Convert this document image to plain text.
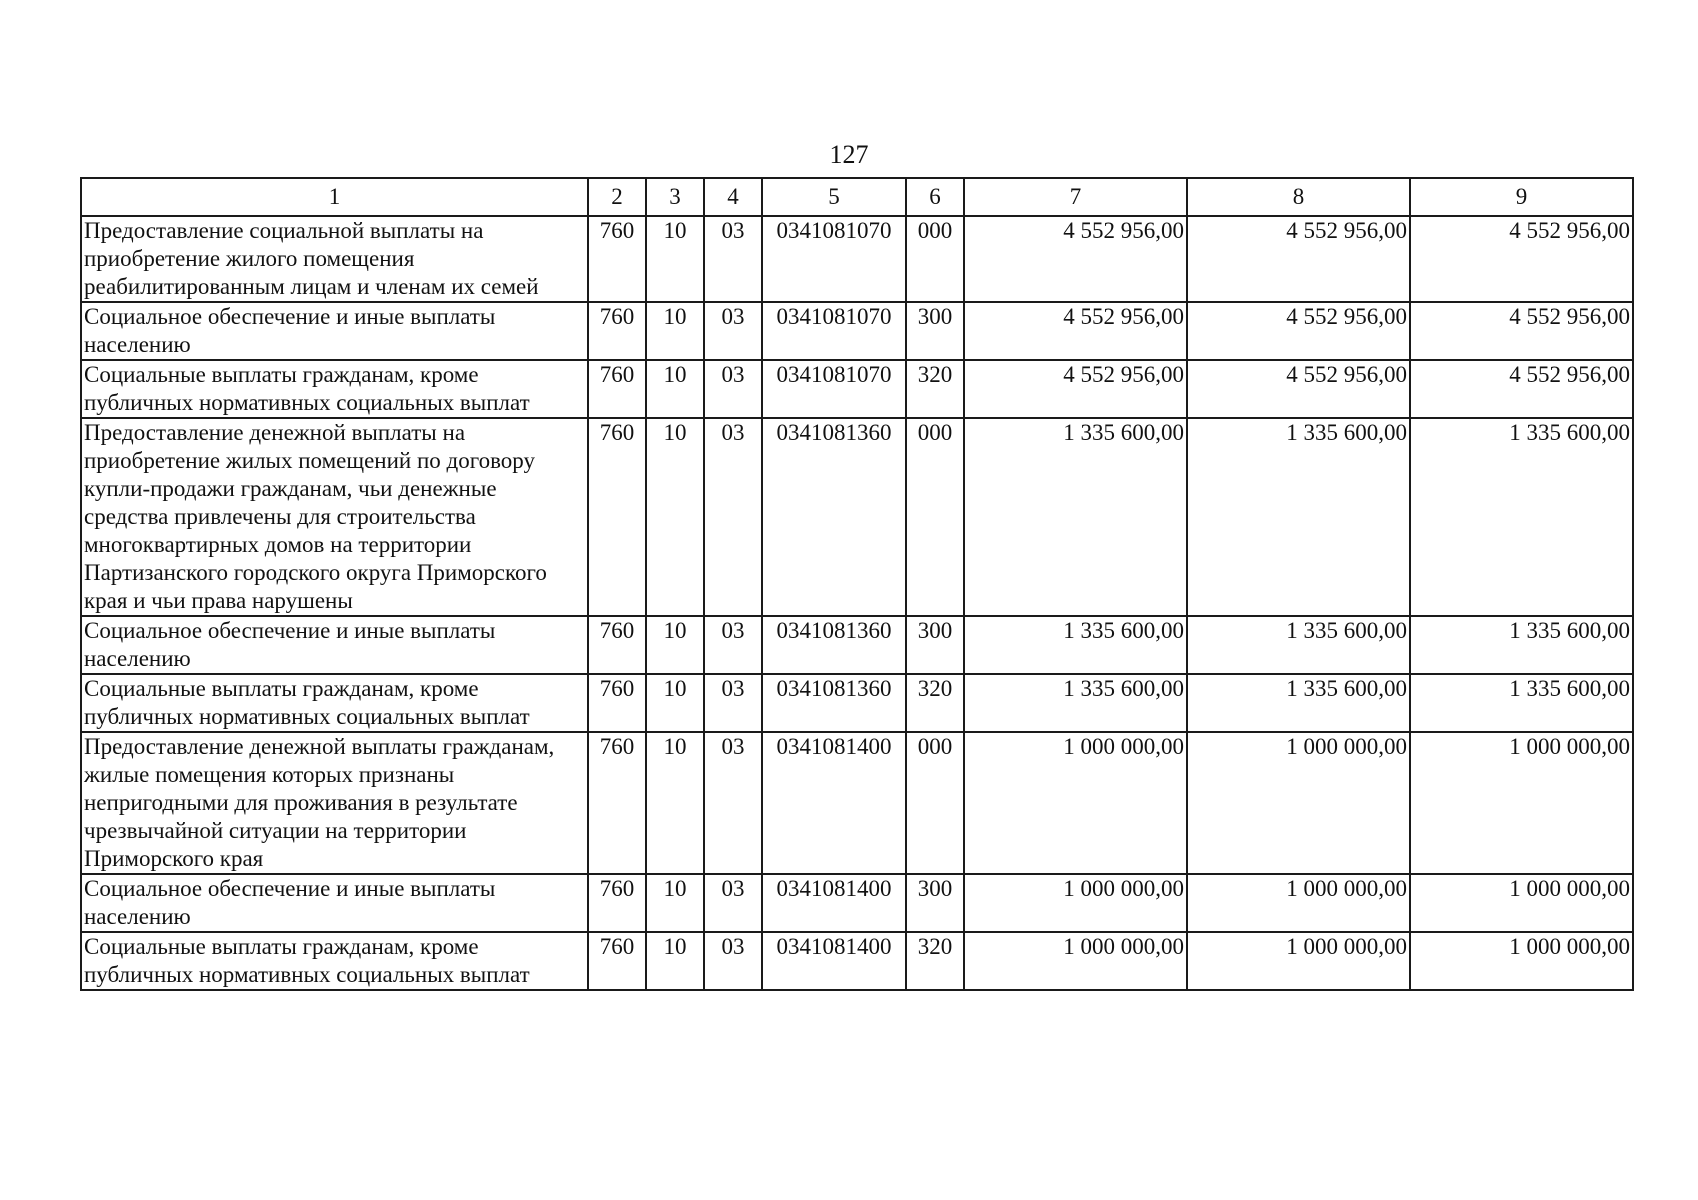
127
1	2	3	4	5	6	7	8	9
Предоставление социальной выплаты на приобретение жилого помещения реабилитированным лицам и членам их семей	760	10	03	0341081070	000	4 552 956,00	4 552 956,00	4 552 956,00
Социальное обеспечение и иные выплаты населению	760	10	03	0341081070	300	4 552 956,00	4 552 956,00	4 552 956,00
Социальные выплаты гражданам, кроме публичных нормативных социальных выплат	760	10	03	0341081070	320	4 552 956,00	4 552 956,00	4 552 956,00
Предоставление денежной выплаты на приобретение жилых помещений по договору купли-продажи гражданам, чьи денежные средства привлечены для строительства многоквартирных домов на территории Партизанского городского округа Приморского края и чьи права нарушены	760	10	03	0341081360	000	1 335 600,00	1 335 600,00	1 335 600,00
Социальное обеспечение и иные выплаты населению	760	10	03	0341081360	300	1 335 600,00	1 335 600,00	1 335 600,00
Социальные выплаты гражданам, кроме публичных нормативных социальных выплат	760	10	03	0341081360	320	1 335 600,00	1 335 600,00	1 335 600,00
Предоставление денежной выплаты гражданам, жилые помещения которых признаны непригодными для проживания в результате чрезвычайной ситуации на территории Приморского края	760	10	03	0341081400	000	1 000 000,00	1 000 000,00	1 000 000,00
Социальное обеспечение и иные выплаты населению	760	10	03	0341081400	300	1 000 000,00	1 000 000,00	1 000 000,00
Социальные выплаты гражданам, кроме публичных нормативных социальных выплат	760	10	03	0341081400	320	1 000 000,00	1 000 000,00	1 000 000,00
